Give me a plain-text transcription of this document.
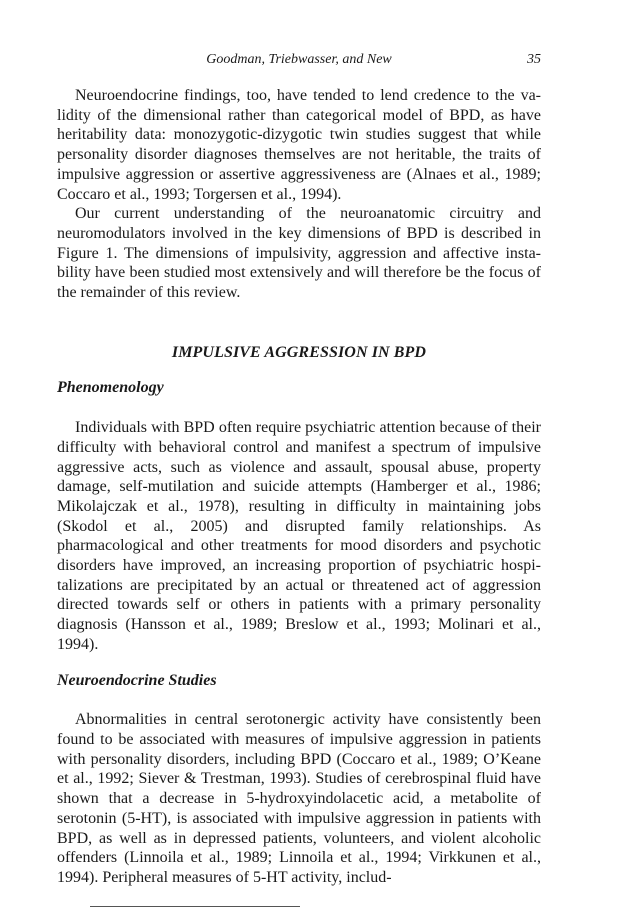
Goodman, Triebwasser, and New	35

Neuroendocrine findings, too, have tended to lend credence to the validity of the dimensional rather than categorical model of BPD, as have heritability data: monozygotic-dizygotic twin studies suggest that while personality disorder diagnoses themselves are not heritable, the traits of impulsive aggression or assertive aggressiveness are (Alnaes et al., 1989; Coccaro et al., 1993; Torgersen et al., 1994).

Our current understanding of the neuroanatomic circuitry and neuromodulators involved in the key dimensions of BPD is described in Figure 1. The dimensions of impulsivity, aggression and affective instability have been studied most extensively and will therefore be the focus of the remainder of this review.

IMPULSIVE AGGRESSION IN BPD
Phenomenology

Individuals with BPD often require psychiatric attention because of their difficulty with behavioral control and manifest a spectrum of impulsive aggressive acts, such as violence and assault, spousal abuse, property damage, self-mutilation and suicide attempts (Hamberger et al., 1986; Mikolajczak et al., 1978), resulting in difficulty in maintaining jobs (Skodol et al., 2005) and disrupted family relationships. As pharmacological and other treatments for mood disorders and psychotic disorders have improved, an increasing proportion of psychiatric hospitalizations are precipitated by an actual or threatened act of aggression directed towards self or others in patients with a primary personality diagnosis (Hansson et al., 1989; Breslow et al., 1993; Molinari et al., 1994).

Neuroendocrine Studies

Abnormalities in central serotonergic activity have consistently been found to be associated with measures of impulsive aggression in patients with personality disorders, including BPD (Coccaro et al., 1989; O’Keane et al., 1992; Siever & Trestman, 1993). Studies of cerebrospinal fluid have shown that a decrease in 5-hydroxyindolacetic acid, a metabolite of serotonin (5-HT), is associated with impulsive aggression in patients with BPD, as well as in depressed patients, volunteers, and violent alcoholic offenders (Linnoila et al., 1989; Linnoila et al., 1994; Virkkunen et al., 1994). Peripheral measures of 5-HT activity, includ-
